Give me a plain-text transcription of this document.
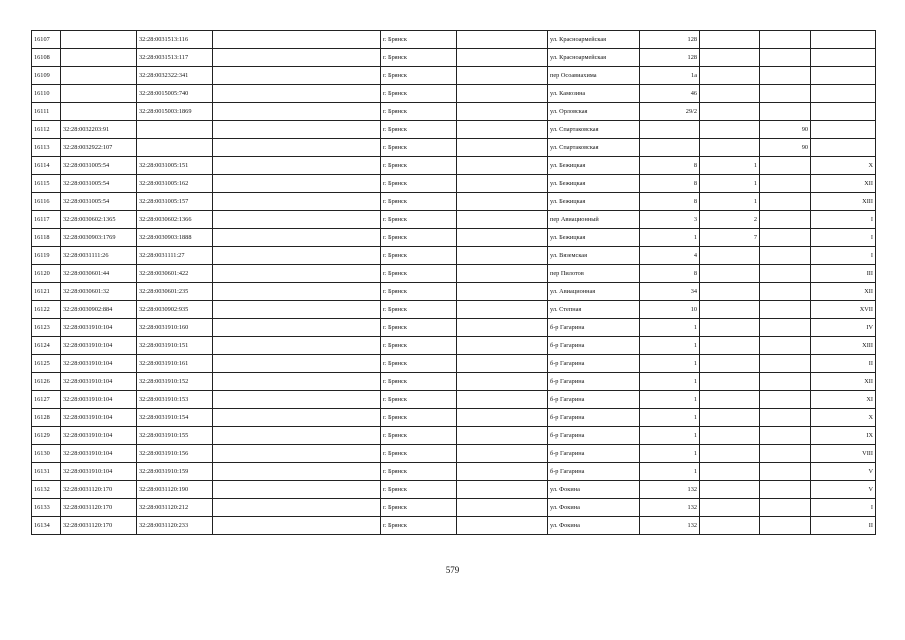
16107		32:28:0031513:116		г. Брянск		ул. Красноармейская	128			
16108		32:28:0031513:117		г. Брянск		ул. Красноармейская	128			
16109		32:28:0032322:341		г. Брянск		пер Осоавиахима	1а			
16110		32:28:0015005:740		г. Брянск		ул. Камозина	46			
16111		32:28:0015003:1869		г. Брянск		ул. Орловская	29/2			
16112	32:28:0032203:91			г. Брянск		ул. Спартаковская			90	
16113	32:28:0032922:107			г. Брянск		ул. Спартаковская			90	
16114	32:28:0031005:54	32:28:0031005:151		г. Брянск		ул. Бежицкая	8	1		X
16115	32:28:0031005:54	32:28:0031005:162		г. Брянск		ул. Бежицкая	8	1		XII
16116	32:28:0031005:54	32:28:0031005:157		г. Брянск		ул. Бежицкая	8	1		XIII
16117	32:28:0030602:1365	32:28:0030602:1366		г. Брянск		пер Авиационный	3	2		I
16118	32:28:0030903:1769	32:28:0030903:1888		г. Брянск		ул. Бежицкая	1	7		I
16119	32:28:0031111:26	32:28:0031111:27		г. Брянск		ул. Вяземская	4			I
16120	32:28:0030601:44	32:28:0030601:422		г. Брянск		пер Пилотов	8			III
16121	32:28:0030601:32	32:28:0030601:235		г. Брянск		ул. Авиационная	34			XII
16122	32:28:0030902:884	32:28:0030902:935		г. Брянск		ул. Степная	10			XVII
16123	32:28:0031910:104	32:28:0031910:160		г. Брянск		б-р Гагарина	1			IV
16124	32:28:0031910:104	32:28:0031910:151		г. Брянск		б-р Гагарина	1			XIII
16125	32:28:0031910:104	32:28:0031910:161		г. Брянск		б-р Гагарина	1			II
16126	32:28:0031910:104	32:28:0031910:152		г. Брянск		б-р Гагарина	1			XII
16127	32:28:0031910:104	32:28:0031910:153		г. Брянск		б-р Гагарина	1			XI
16128	32:28:0031910:104	32:28:0031910:154		г. Брянск		б-р Гагарина	1			X
16129	32:28:0031910:104	32:28:0031910:155		г. Брянск		б-р Гагарина	1			IX
16130	32:28:0031910:104	32:28:0031910:156		г. Брянск		б-р Гагарина	1			VIII
16131	32:28:0031910:104	32:28:0031910:159		г. Брянск		б-р Гагарина	1			V
16132	32:28:0031120:170	32:28:0031120:190		г. Брянск		ул. Фокина	132			V
16133	32:28:0031120:170	32:28:0031120:212		г. Брянск		ул. Фокина	132			I
16134	32:28:0031120:170	32:28:0031120:233		г. Брянск		ул. Фокина	132			II
579
